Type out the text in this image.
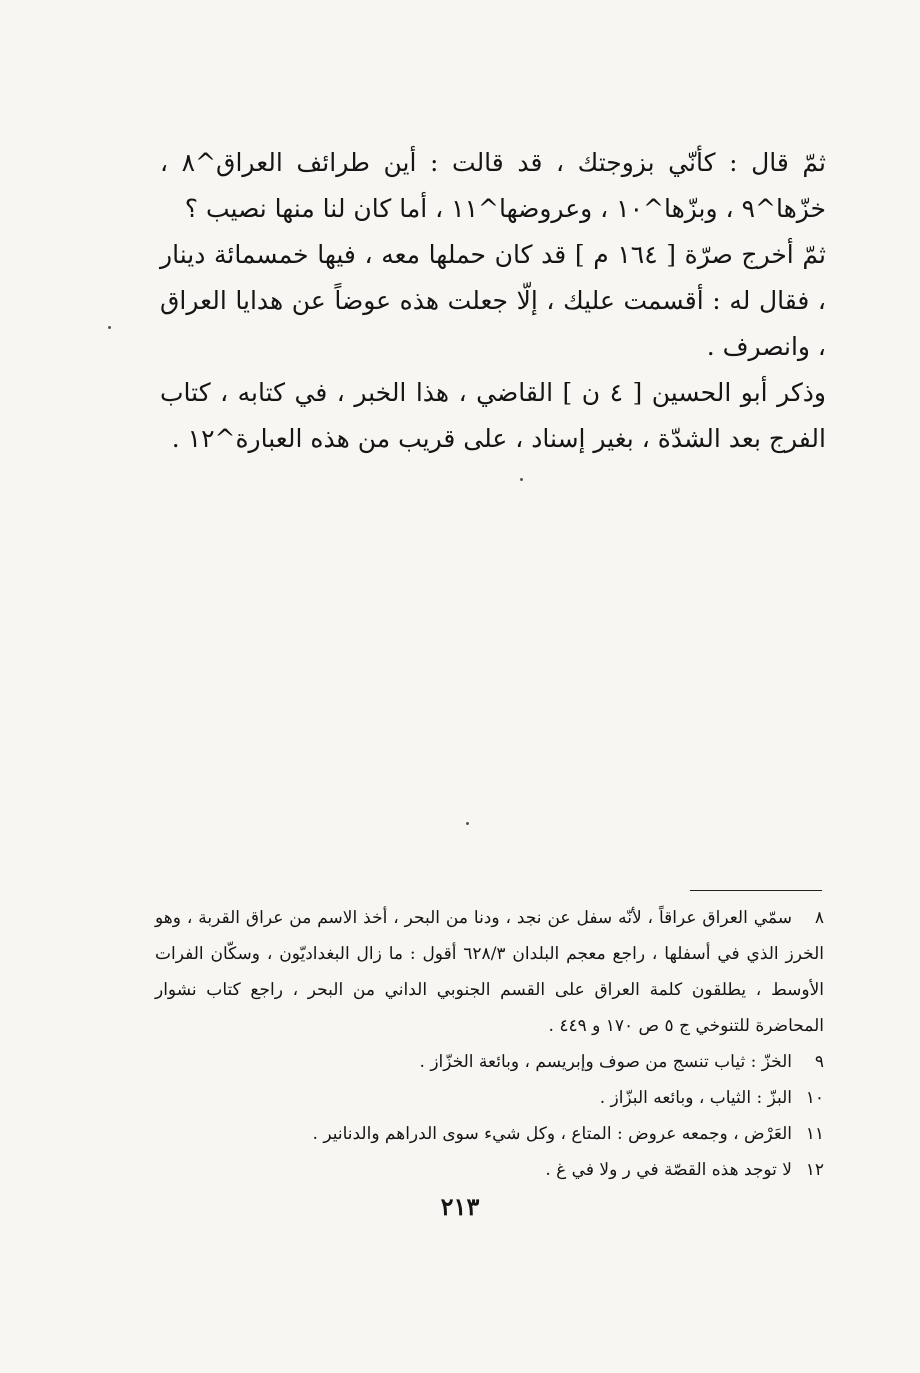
ثمّ قال : كأنّي بزوجتك ، قد قالت : أين طرائف العراق^٨ ، خزّها^٩ ، وبزّها^١٠ ، وعروضها^١١ ، أما كان لنا منها نصيب ؟

ثمّ أخرج صرّة [ ١٦٤ م ] قد كان حملها معه ، فيها خمسمائة دينار ، فقال له : أقسمت عليك ، إلّا جعلت هذه عوضاً عن هدايا العراق ، وانصرف .

وذكر أبو الحسين [ ٤ ن ] القاضي ، هذا الخبر ، في كتابه ، كتاب الفرج بعد الشدّة ، بغير إسناد ، على قريب من هذه العبارة^١٢ .

٨سمّي العراق عراقاً ، لأنّه سفل عن نجد ، ودنا من البحر ، أخذ الاسم من عراق القربة ، وهو الخرز الذي في أسفلها ، راجع معجم البلدان ٦٢٨/٣ أقول : ما زال البغداديّون ، وسكّان الفرات الأوسط ، يطلقون كلمة العراق على القسم الجنوبي الداني من البحر ، راجع كتاب نشوار المحاضرة للتنوخي ج ٥ ص ١٧٠ و ٤٤٩ .

٩الخزّ : ثياب تنسج من صوف وإبريسم ، وبائعة الخزّاز .

١٠البزّ : الثياب ، وبائعه البزّاز .

١١العَرْض ، وجمعه عروض : المتاع ، وكل شيء سوى الدراهم والدنانير .

١٢لا توجد هذه القصّة في ر ولا في غ .

٢١٣
